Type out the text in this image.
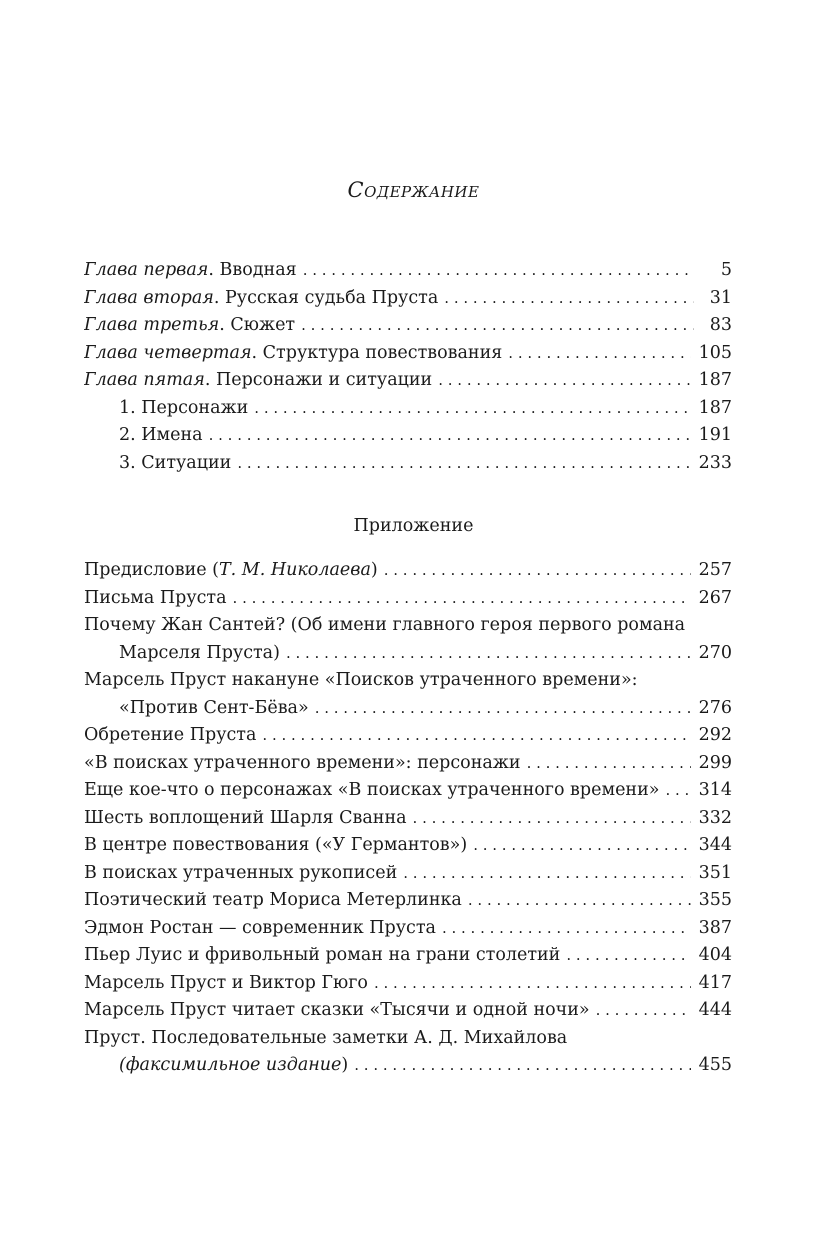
Содержание
Глава первая. Вводная . . .	5
Глава вторая. Русская судьба Пруста . . .	31
Глава третья. Сюжет . . .	83
Глава четвертая. Структура повествования . . .	105
Глава пятая. Персонажи и ситуации . . .	187
1. Персонажи . . .	187
2. Имена . . .	191
3. Ситуации . . .	233
Приложение
Предисловие (Т. М. Николаева) . . .	257
Письма Пруста . . .	267
Почему Жан Сантей? (Об имени главного героя первого романа
Марселя Пруста) . . .	270
Марсель Пруст накануне «Поисков утраченного времени»:
«Против Сент-Бёва» . . .	276
Обретение Пруста . . .	292
«В поисках утраченного времени»: персонажи . . .	299
Еще кое-что о персонажах «В поисках утраченного времени» . . . 314
Шесть воплощений Шарля Сванна . . .	332
В центре повествования («У Германтов») . . .	344
В поисках утраченных рукописей . . .	351
Поэтический театр Мориса Метерлинка . . .	355
Эдмон Ростан — современник Пруста . . .	387
Пьер Луис и фривольный роман на грани столетий . . .	404
Марсель Пруст и Виктор Гюго . . .	417
Марсель Пруст читает сказки «Тысячи и одной ночи» . . .	444
Пруст. Последовательные заметки А. Д. Михайлова
(факсимильное издание) . . .	455
